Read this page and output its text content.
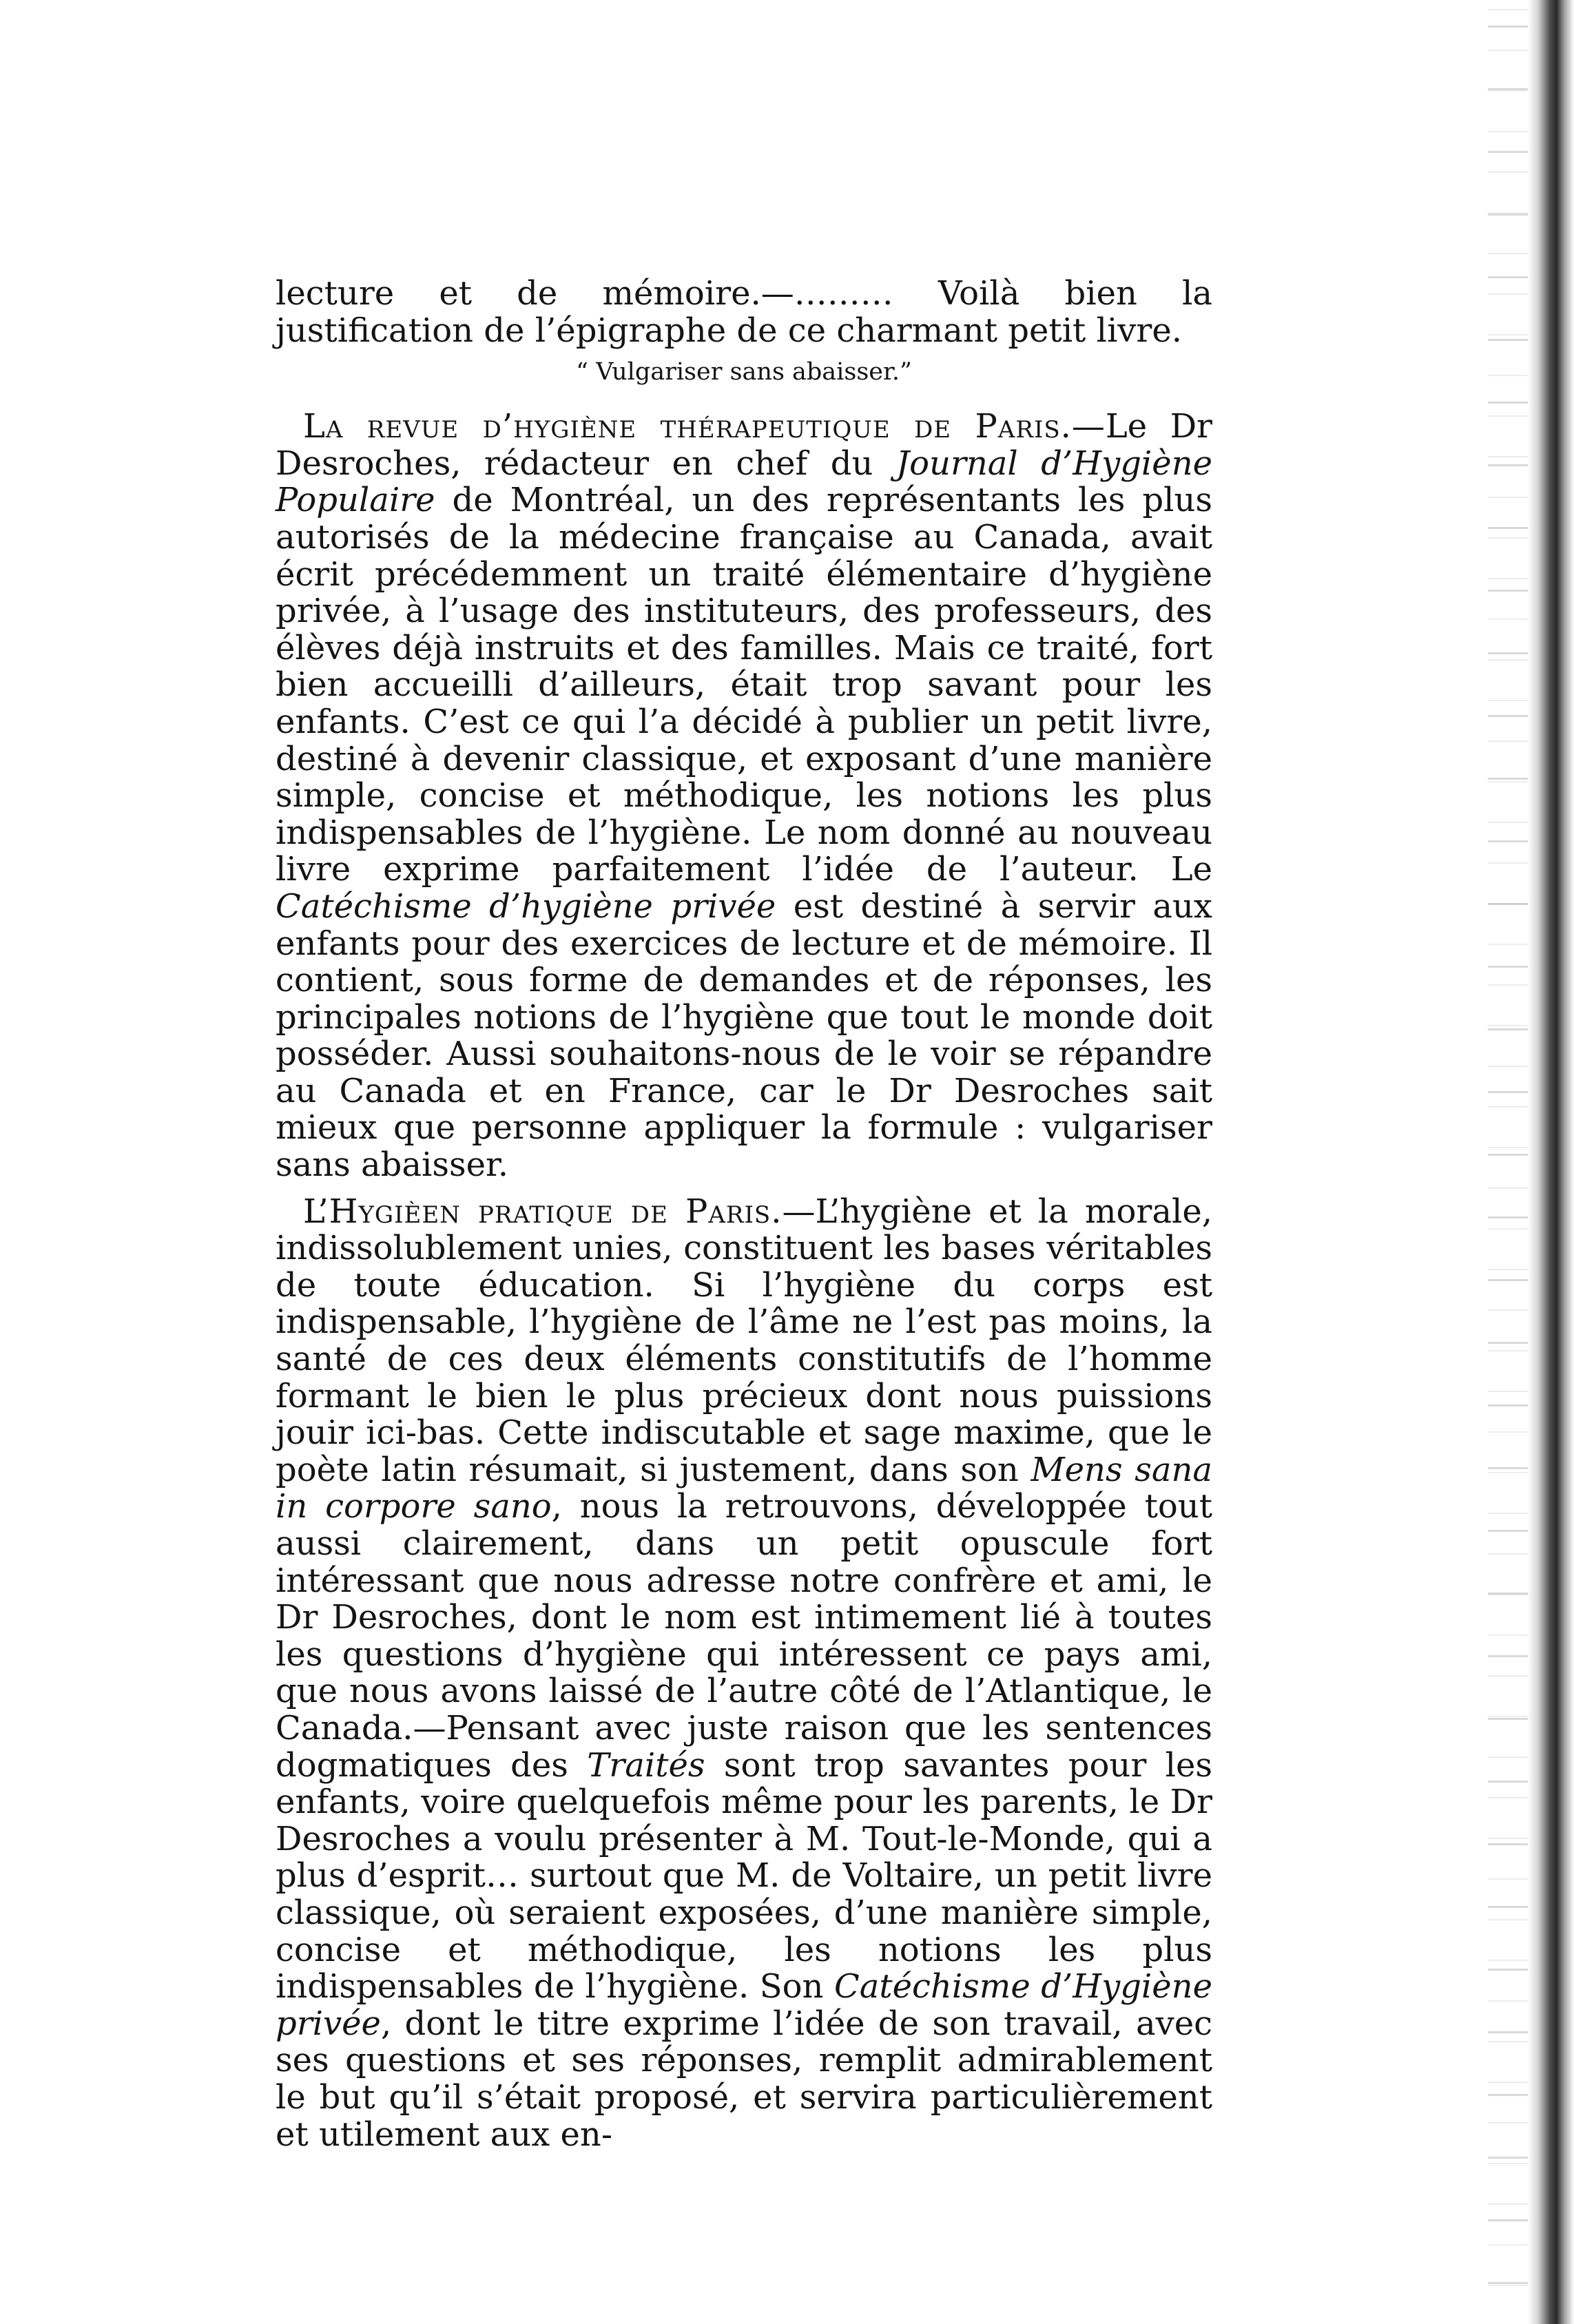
lecture et de mémoire.—……… Voilà bien la justification de l’épigraphe de ce charmant petit livre.

“ Vulgariser sans abaisser.”

La revue d’hygiène thérapeutique de Paris.—Le Dr Desroches, rédacteur en chef du Journal d’Hygiène Populaire de Montréal, un des représentants les plus autorisés de la médecine française au Canada, avait écrit précédemment un traité élémentaire d’hygiène privée, à l’usage des instituteurs, des professeurs, des élèves déjà instruits et des familles. Mais ce traité, fort bien accueilli d’ailleurs, était trop savant pour les enfants. C’est ce qui l’a décidé à publier un petit livre, destiné à devenir classique, et exposant d’une manière simple, concise et méthodique, les notions les plus indispensables de l’hygiène. Le nom donné au nouveau livre exprime parfaitement l’idée de l’auteur. Le Catéchisme d’hygiène privée est destiné à servir aux enfants pour des exercices de lecture et de mémoire. Il contient, sous forme de demandes et de réponses, les principales notions de l’hygiène que tout le monde doit posséder. Aussi souhaitons-nous de le voir se répandre au Canada et en France, car le Dr Desroches sait mieux que personne appliquer la formule : vulgariser sans abaisser.

L’Hygièen pratique de Paris.—L’hygiène et la morale, indissolublement unies, constituent les bases véritables de toute éducation. Si l’hygiène du corps est indispensable, l’hygiène de l’âme ne l’est pas moins, la santé de ces deux éléments constitutifs de l’homme formant le bien le plus précieux dont nous puissions jouir ici-bas. Cette indiscutable et sage maxime, que le poète latin résumait, si justement, dans son Mens sana in corpore sano, nous la retrouvons, développée tout aussi clairement, dans un petit opuscule fort intéressant que nous adresse notre confrère et ami, le Dr Desroches, dont le nom est intimement lié à toutes les questions d’hygiène qui intéressent ce pays ami, que nous avons laissé de l’autre côté de l’Atlantique, le Canada.—Pensant avec juste raison que les sentences dogmatiques des Traités sont trop savantes pour les enfants, voire quelquefois même pour les parents, le Dr Desroches a voulu présenter à M. Tout-le-Monde, qui a plus d’esprit… surtout que M. de Voltaire, un petit livre classique, où seraient exposées, d’une manière simple, concise et méthodique, les notions les plus indispensables de l’hygiène. Son Catéchisme d’Hygiène privée, dont le titre exprime l’idée de son travail, avec ses questions et ses réponses, remplit admirablement le but qu’il s’était proposé, et servira particulièrement et utilement aux en-
